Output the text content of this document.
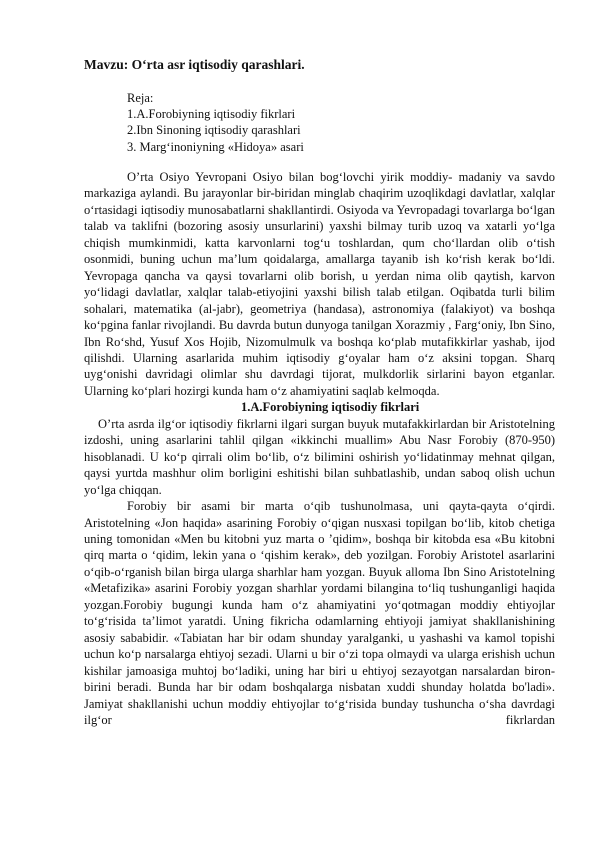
Mavzu: O‘rta asr iqtisodiy qarashlari.
Reja:
1.A.Forobiyning iqtisodiy fikrlari
2.Ibn Sinoning iqtisodiy qarashlari
3. Marg‘inoniyning «Hidoya» asari

O’rta Osiyo Yevropani Osiyo bilan bog‘lovchi yirik moddiy- madaniy va savdo markaziga aylandi. Bu jarayonlar bir-biridan minglab chaqirim uzoqlikdagi davlatlar, xalqlar o‘rtasidagi iqtisodiy munosabatlarni shakllantirdi. Osiyoda va Yevropadagi tovarlarga bo‘lgan talab va taklifni (bozoring asosiy unsurlarini) yaxshi bilmay turib uzoq va xatarli yo‘lga chiqish mumkinmidi, katta karvonlarni tog‘u toshlardan, qum cho‘llardan olib o‘tish osonmidi, buning uchun ma’lum qoidalarga, amallarga tayanib ish ko‘rish kerak bo‘ldi. Yevropaga qancha va qaysi tovarlarni olib borish, u yerdan nima olib qaytish, karvon yo‘lidagi davlatlar, xalqlar talab-etiyojini yaxshi bilish talab etilgan. Oqibatda turli bilim sohalari, matematika (al-jabr), geometriya (handasa), astronomiya (falakiyot) va boshqa ko‘pgina fanlar rivojlandi. Bu davrda butun dunyoga tanilgan Xorazmiy , Farg‘oniy, Ibn Sino, Ibn Ro‘shd, Yusuf Xos Hojib, Nizomulmulk va boshqa ko‘plab mutafikkirlar yashab, ijod qilishdi. Ularning asarlarida muhim iqtisodiy g‘oyalar ham o‘z aksini topgan. Sharq uyg‘onishi davridagi olimlar shu davrdagi tijorat, mulkdorlik sirlarini bayon etganlar. Ularning ko‘plari hozirgi kunda ham o‘z ahamiyatini saqlab kelmoqda.

1.A.Forobiyning iqtisodiy fikrlari

O’rta asrda ilg‘or iqtisodiy fikrlarni ilgari surgan buyuk mutafakkirlardan bir Aristotelning izdoshi, uning asarlarini tahlil qilgan «ikkinchi muallim» Abu Nasr Forobiy (870-950) hisoblanadi. U ko‘p qirrali olim bo‘lib, o‘z bilimini oshirish yo‘lidatinmay mehnat qilgan, qaysi yurtda mashhur olim borligini eshitishi bilan suhbatlashib, undan saboq olish uchun yo‘lga chiqqan.

Forobiy bir asami bir marta o‘qib tushunolmasa, uni qayta-qayta o‘qirdi. Aristotelning «Jon haqida» asarining Forobiy o‘qigan nusxasi topilgan bo‘lib, kitob chetiga uning tomonidan «Men bu kitobni yuz marta o ’qidim», boshqa bir kitobda esa «Bu kitobni qirq marta o ‘qidim, lekin yana o ‘qishim kerak», deb yozilgan. Forobiy Aristotel asarlarini o‘qib-o‘rganish bilan birga ularga sharhlar ham yozgan. Buyuk alloma Ibn Sino Aristotelning «Metafizika» asarini Forobiy yozgan sharhlar yordami bilangina to‘liq tushunganligi haqida yozgan.Forobiy bugungi kunda ham o‘z ahamiyatini yo‘qotmagan moddiy ehtiyojlar to‘g‘risida ta’limot yaratdi. Uning fikricha odamlarning ehtiyoji jamiyat shakllanishining asosiy sababidir. «Tabiatan har bir odam shunday yaralganki, u yashashi va kamol topishi uchun ko‘p narsalarga ehtiyoj sezadi. Ularni u bir o‘zi topa olmaydi va ularga erishish uchun kishilar jamoasiga muhtoj bo‘ladiki, uning har biri u ehtiyoj sezayotgan narsalardan biron-birini beradi. Bunda har bir odam boshqalarga nisbatan xuddi shunday holatda bo'ladi». Jamiyat shakllanishi uchun moddiy ehtiyojlar to‘g‘risida bunday tushuncha o‘sha davrdagi ilg‘or fikrlardan
